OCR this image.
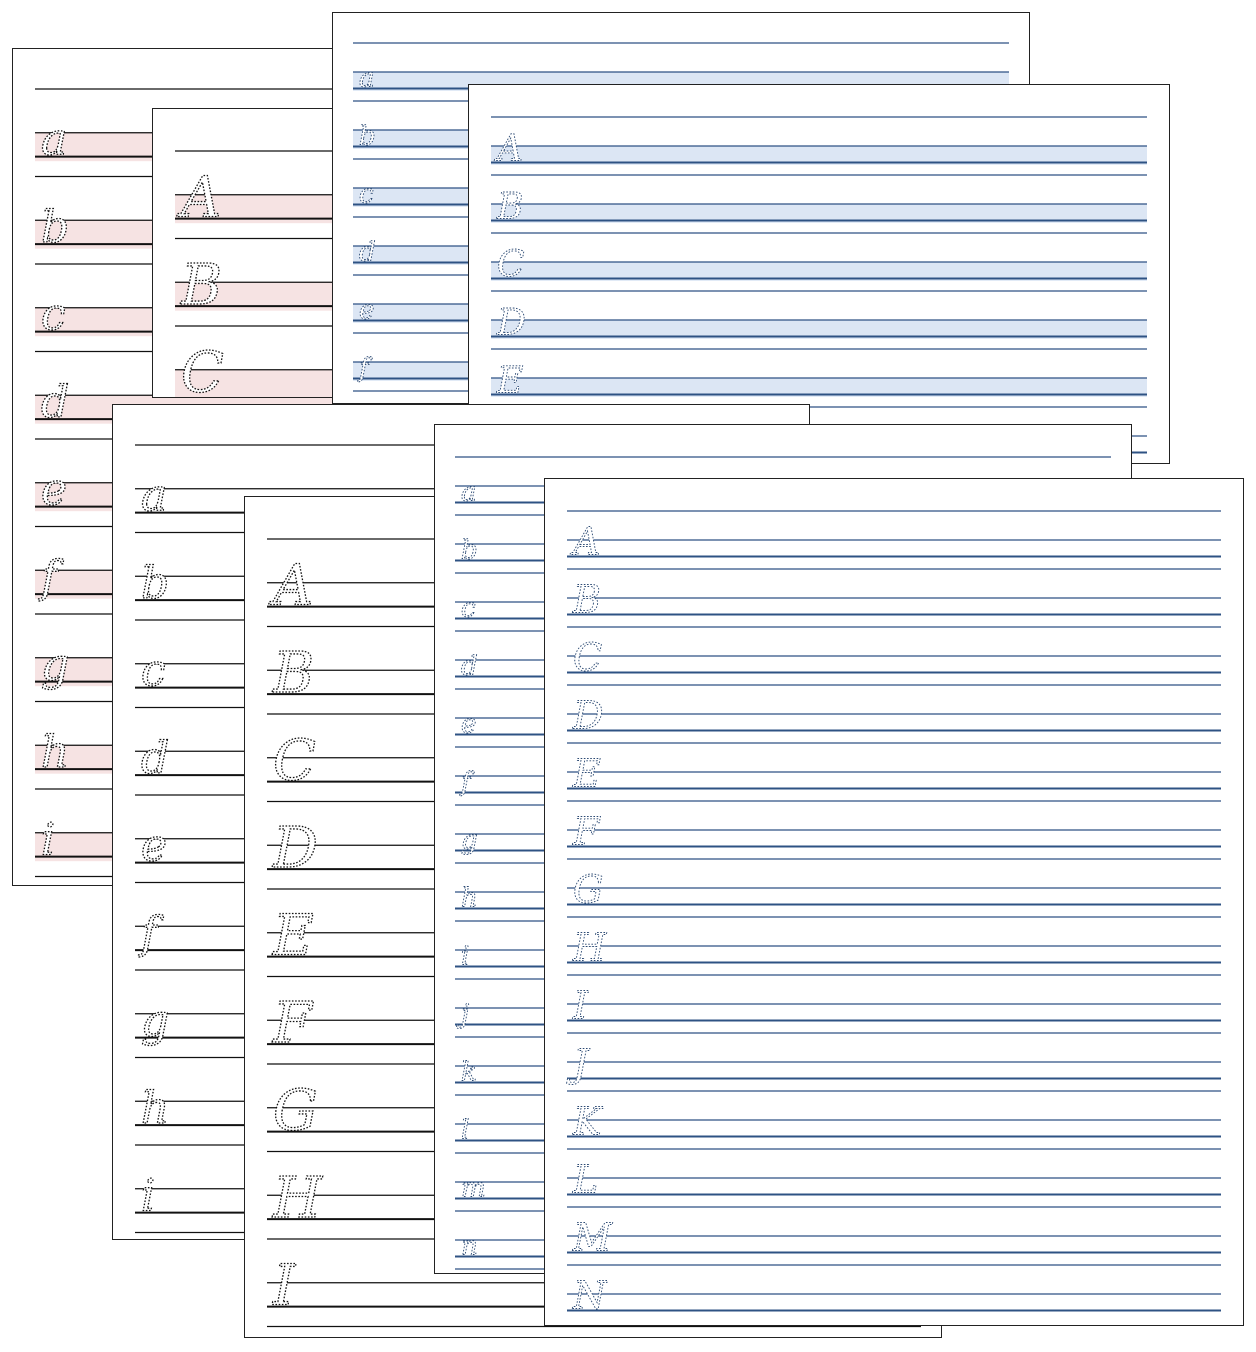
a
b
c
d
e
f
g
h
i
A
B
C
a
b
c
d
e
f
A
B
C
D
E
a
b
c
d
e
f
g
h
i
A
B
C
D
E
F
G
H
I
a
b
c
d
e
f
g
h
i
j
k
l
m
n
A
B
C
D
E
F
G
H
I
J
K
L
M
N
